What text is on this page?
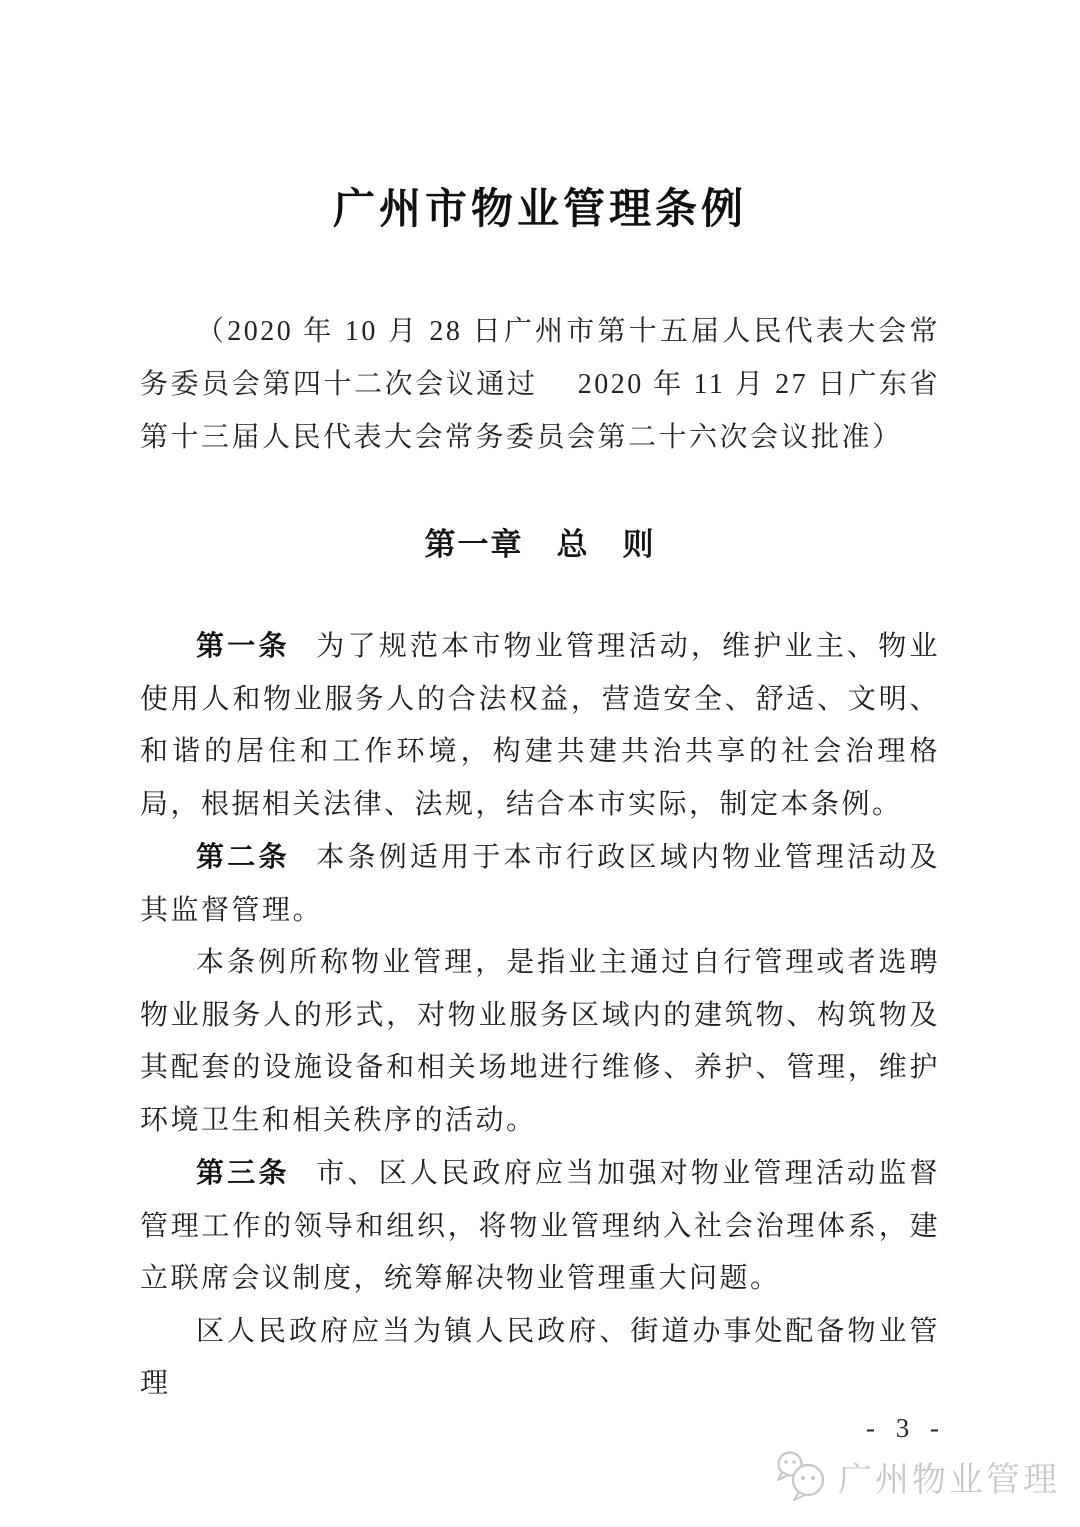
广州市物业管理条例

（2020 年 10 月 28 日广州市第十五届人民代表大会常务委员会第四十二次会议通过　 2020 年 11 月 27 日广东省第十三届人民代表大会常务委员会第二十六次会议批准）

第一章　总　则

第一条 为了规范本市物业管理活动，维护业主、物业使用人和物业服务人的合法权益，营造安全、舒适、文明、和谐的居住和工作环境，构建共建共治共享的社会治理格局，根据相关法律、法规，结合本市实际，制定本条例。

第二条 本条例适用于本市行政区域内物业管理活动及其监督管理。

本条例所称物业管理，是指业主通过自行管理或者选聘物业服务人的形式，对物业服务区域内的建筑物、构筑物及其配套的设施设备和相关场地进行维修、养护、管理，维护环境卫生和相关秩序的活动。

第三条 市、区人民政府应当加强对物业管理活动监督管理工作的领导和组织，将物业管理纳入社会治理体系，建立联席会议制度，统筹解决物业管理重大问题。

区人民政府应当为镇人民政府、街道办事处配备物业管理

- 3 -
广州物业管理
